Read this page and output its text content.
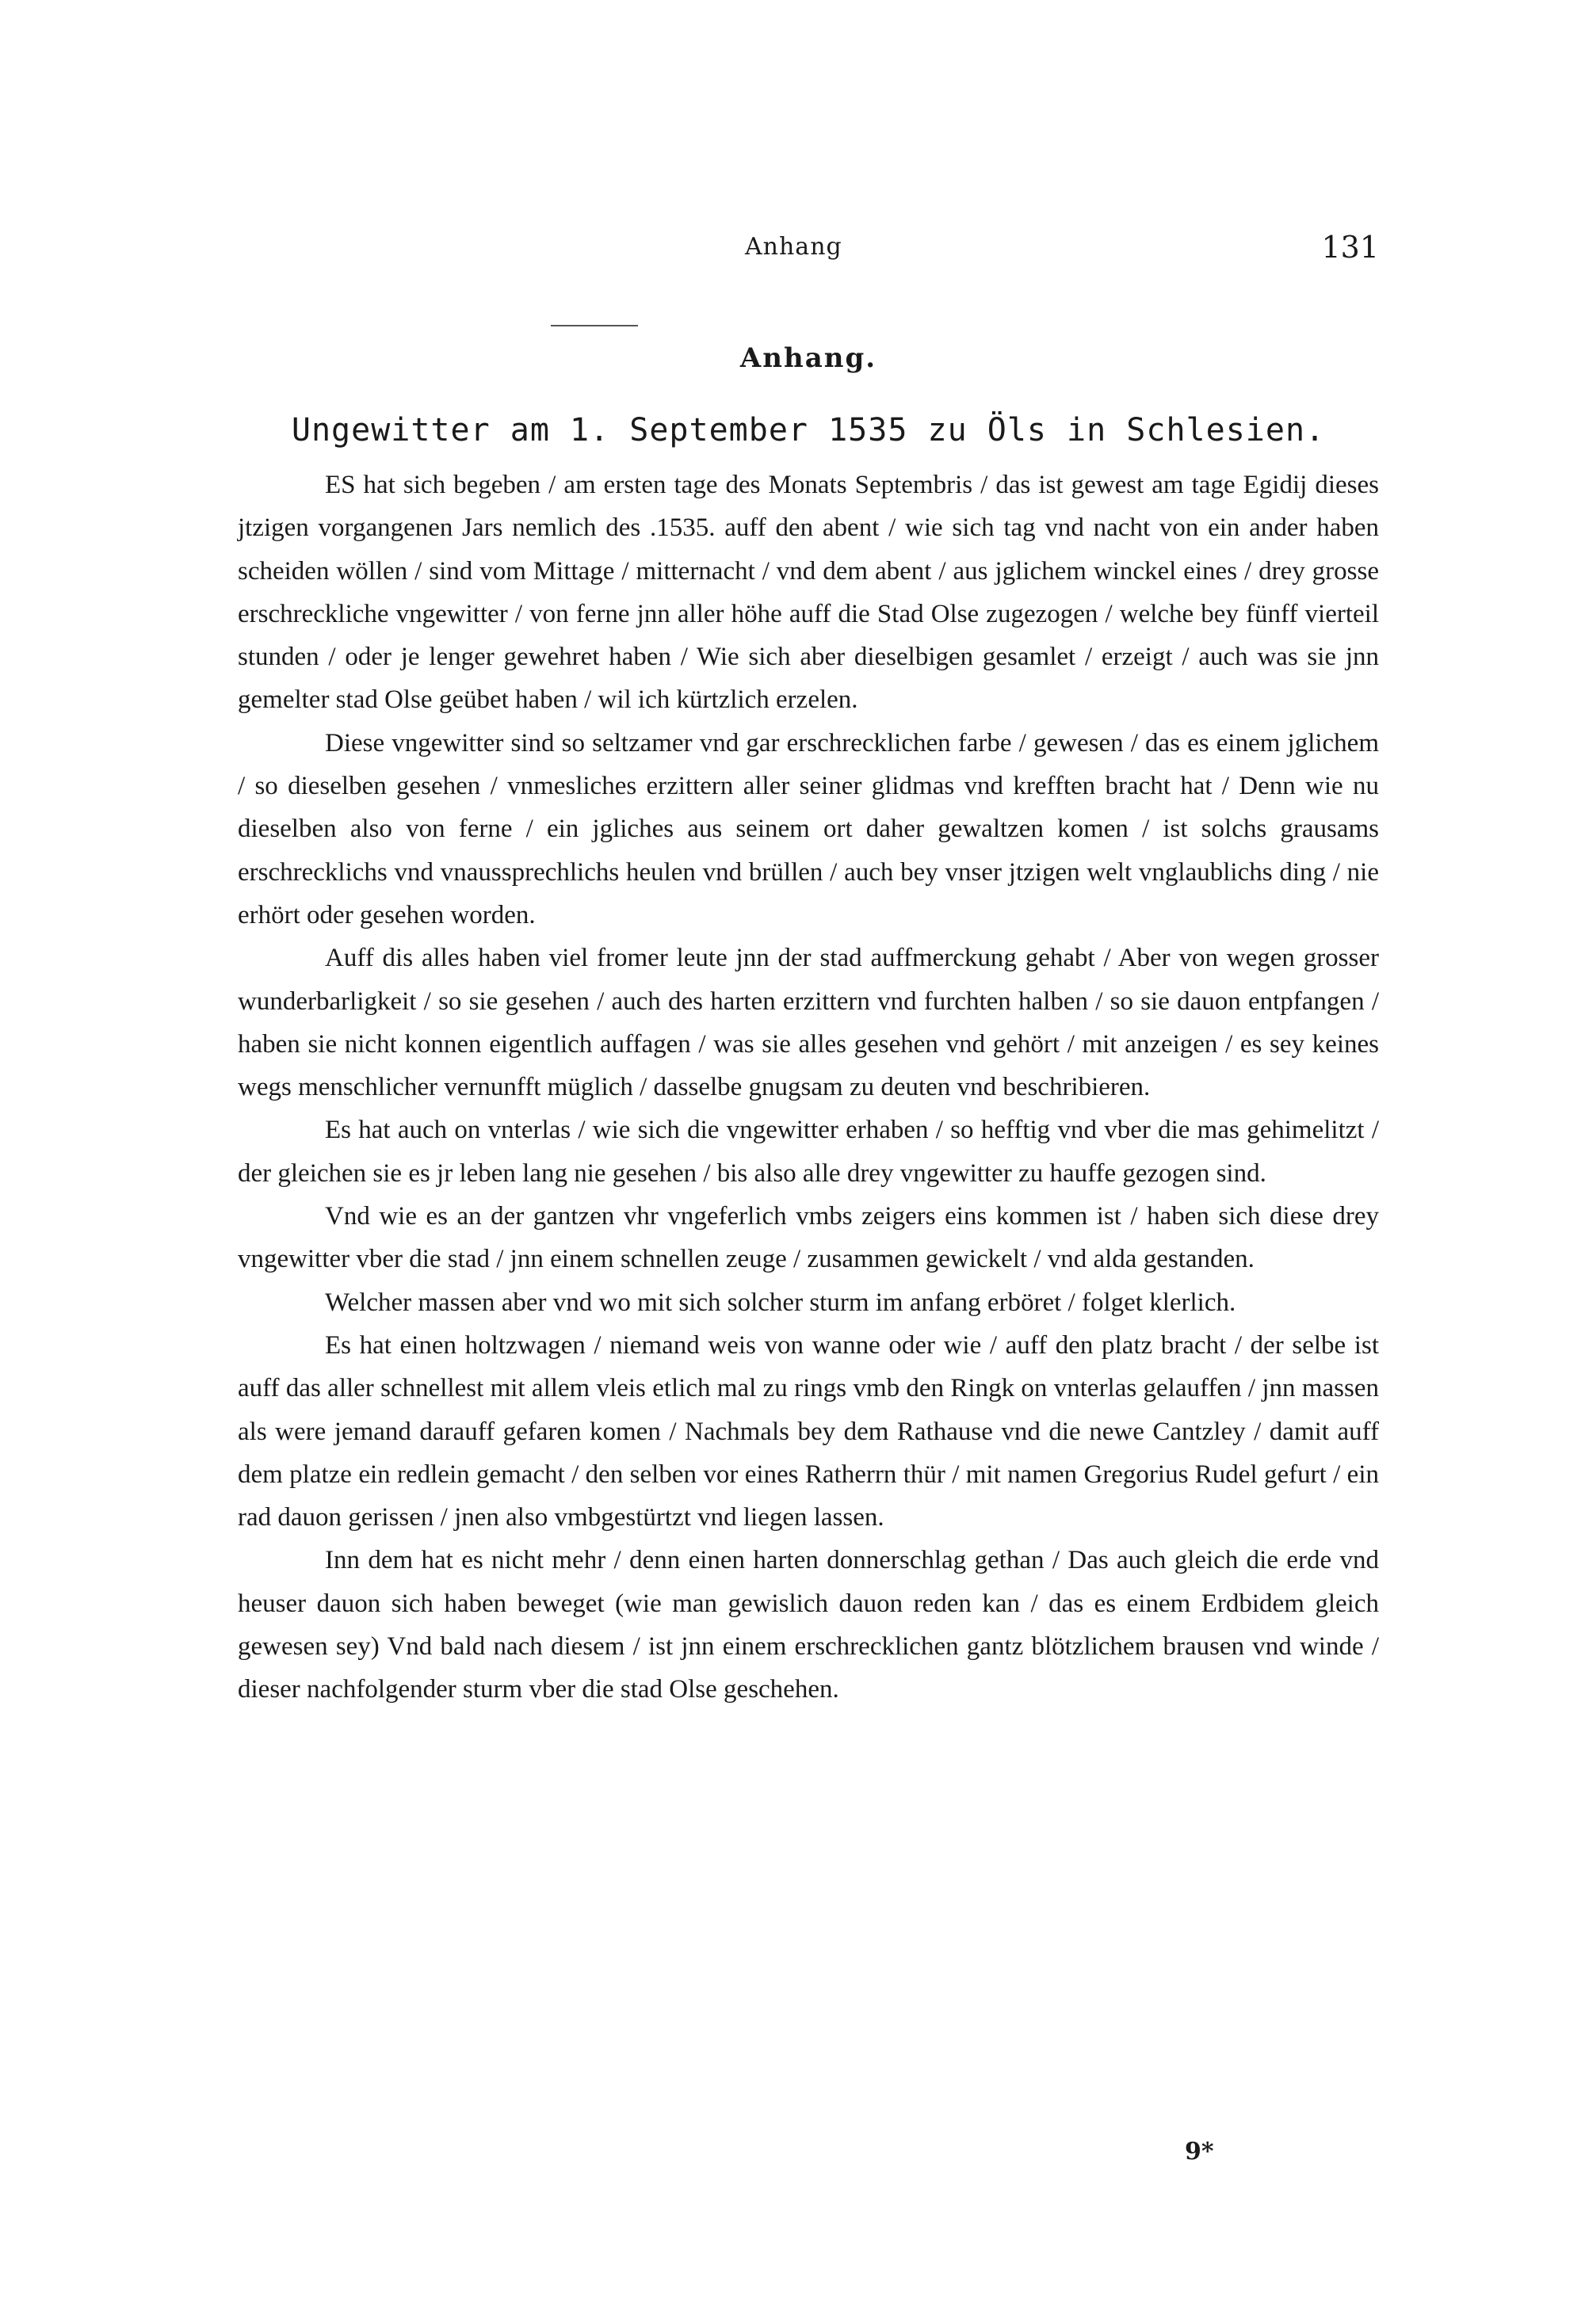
Anhang	131
Anhang.
Ungewitter am 1. September 1535 zu Öls in Schlesien.

ES hat sich begeben / am ersten tage des Monats Septembris / das ist gewest am tage Egidij dieses jtzigen vorgangenen Jars nemlich des .1535. auff den abent / wie sich tag vnd nacht von ein ander haben scheiden wöllen / sind vom Mittage / mitternacht / vnd dem abent / aus jglichem winckel eines / drey grosse erschreckliche vngewitter / von ferne jnn aller höhe auff die Stad Olse zugezogen / welche bey fünff vierteil stunden / oder je lenger gewehret haben / Wie sich aber dieselbigen gesamlet / erzeigt / auch was sie jnn gemelter stad Olse geübet haben / wil ich kürtzlich erzelen.

Diese vngewitter sind so seltzamer vnd gar erschrecklichen farbe / gewesen / das es einem jglichem / so dieselben gesehen / vnmesliches erzittern aller seiner glidmas vnd krefften bracht hat / Denn wie nu dieselben also von ferne / ein jgliches aus seinem ort daher gewaltzen komen / ist solchs grausams erschrecklichs vnd vnaussprechlichs heulen vnd brüllen / auch bey vnser jtzigen welt vnglaublichs ding / nie erhört oder gesehen worden.

Auff dis alles haben viel fromer leute jnn der stad auffmerckung gehabt / Aber von wegen grosser wunderbarligkeit / so sie gesehen / auch des harten erzittern vnd furchten halben / so sie dauon entpfangen / haben sie nicht konnen eigentlich auffagen / was sie alles gesehen vnd gehört / mit anzeigen / es sey keines wegs menschlicher vernunfft müglich / dasselbe gnugsam zu deuten vnd beschribieren.

Es hat auch on vnterlas / wie sich die vngewitter erhaben / so hefftig vnd vber die mas gehimelitzt / der gleichen sie es jr leben lang nie gesehen / bis also alle drey vngewitter zu hauffe gezogen sind.

Vnd wie es an der gantzen vhr vngeferlich vmbs zeigers eins kommen ist / haben sich diese drey vngewitter vber die stad / jnn einem schnellen zeuge / zusammen gewickelt / vnd alda gestanden.

Welcher massen aber vnd wo mit sich solcher sturm im anfang erböret / folget klerlich.

Es hat einen holtzwagen / niemand weis von wanne oder wie / auff den platz bracht / der selbe ist auff das aller schnellest mit allem vleis etlich mal zu rings vmb den Ringk on vnterlas gelauffen / jnn massen als were jemand darauff gefaren komen / Nachmals bey dem Rathause vnd die newe Cantzley / damit auff dem platze ein redlein gemacht / den selben vor eines Ratherrn thür / mit namen Gregorius Rudel gefurt / ein rad dauon gerissen / jnen also vmbgestürtzt vnd liegen lassen.

Inn dem hat es nicht mehr / denn einen harten donnerschlag gethan / Das auch gleich die erde vnd heuser dauon sich haben beweget (wie man gewislich dauon reden kan / das es einem Erdbidem gleich gewesen sey) Vnd bald nach diesem / ist jnn einem erschrecklichen gantz blötzlichem brausen vnd winde / dieser nachfolgender sturm vber die stad Olse geschehen.

9*
